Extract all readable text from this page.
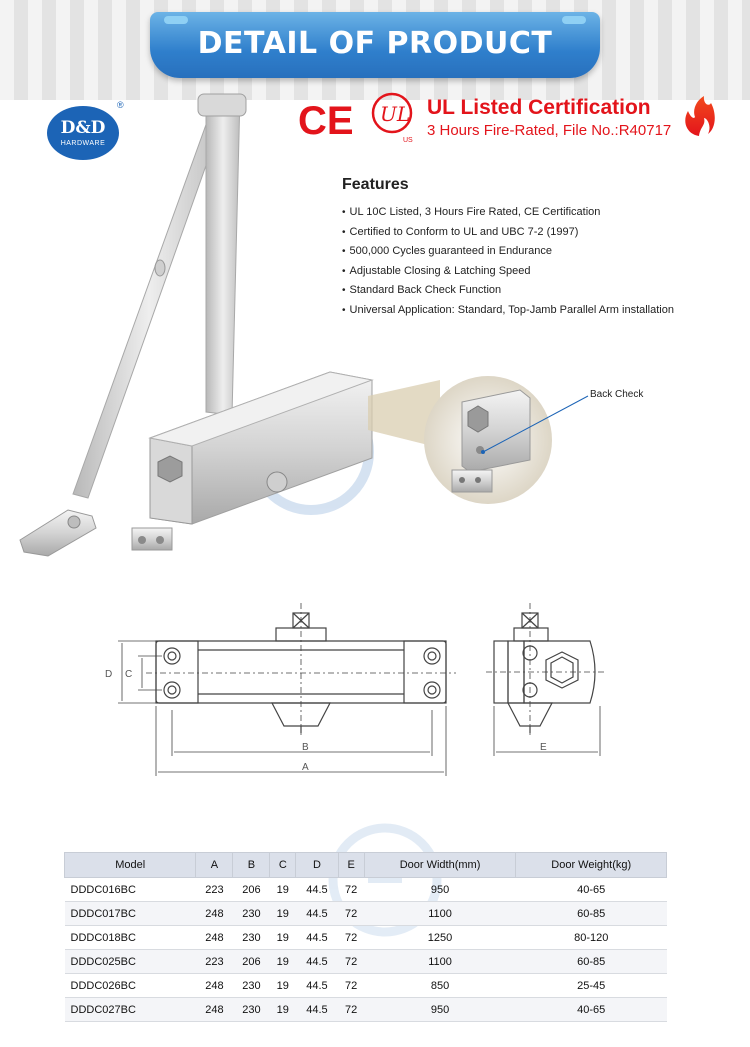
DETAIL OF PRODUCT
D&D
HARDWARE
®	UL Listed Certification
3 Hours Fire-Rated, File No.:R40717
Features
• UL 10C Listed, 3 Hours Fire Rated, CE Certification
• Certified to Conform to UL and UBC 7-2 (1997)
• 500,000 Cycles guaranteed in Endurance
• Adjustable Closing & Latching Speed
• Standard Back Check Function
• Universal Application: Standard, Top-Jamb Parallel Arm installation
CE UL
US
B
A
D C
E
Back Check
Model	A	B	C	D	E	Door Width(mm)	Door Weight(kg)
DDDC016BC	223	206	19	44.5	72	950	40-65
DDDC017BC	248	230	19	44.5	72	1100	60-85
DDDC018BC	248	230	19	44.5	72	1250	80-120
DDDC025BC	223	206	19	44.5	72	1100	60-85
DDDC026BC	248	230	19	44.5	72	850	25-45
DDDC027BC	248	230	19	44.5	72	950	40-65
